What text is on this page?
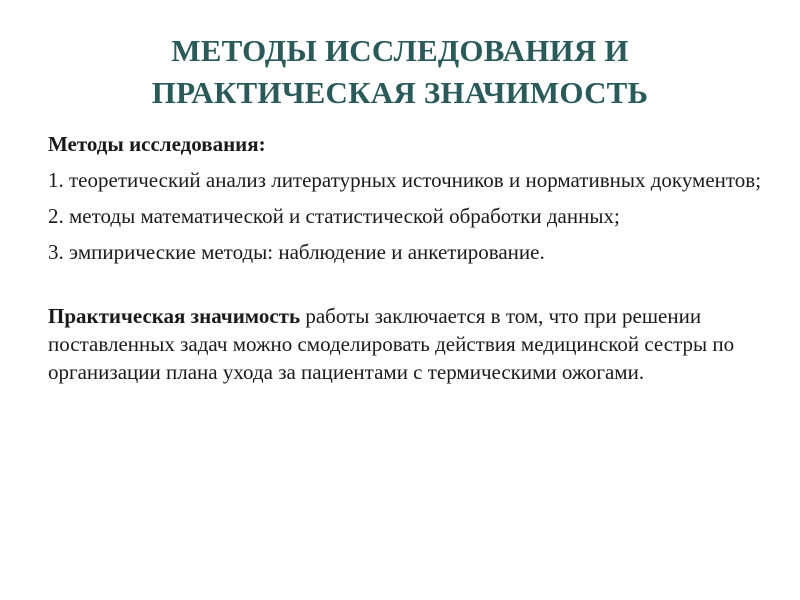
МЕТОДЫ ИССЛЕДОВАНИЯ И
ПРАКТИЧЕСКАЯ ЗНАЧИМОСТЬ

Методы исследования:

1. теоретический анализ литературных источников и нормативных документов;

2. методы математической и статистической обработки данных;

3. эмпирические методы: наблюдение и анкетирование.

Практическая значимость работы заключается в том, что при решении поставленных задач можно смоделировать действия медицинской сестры по организации плана ухода за пациентами с термическими ожогами.
